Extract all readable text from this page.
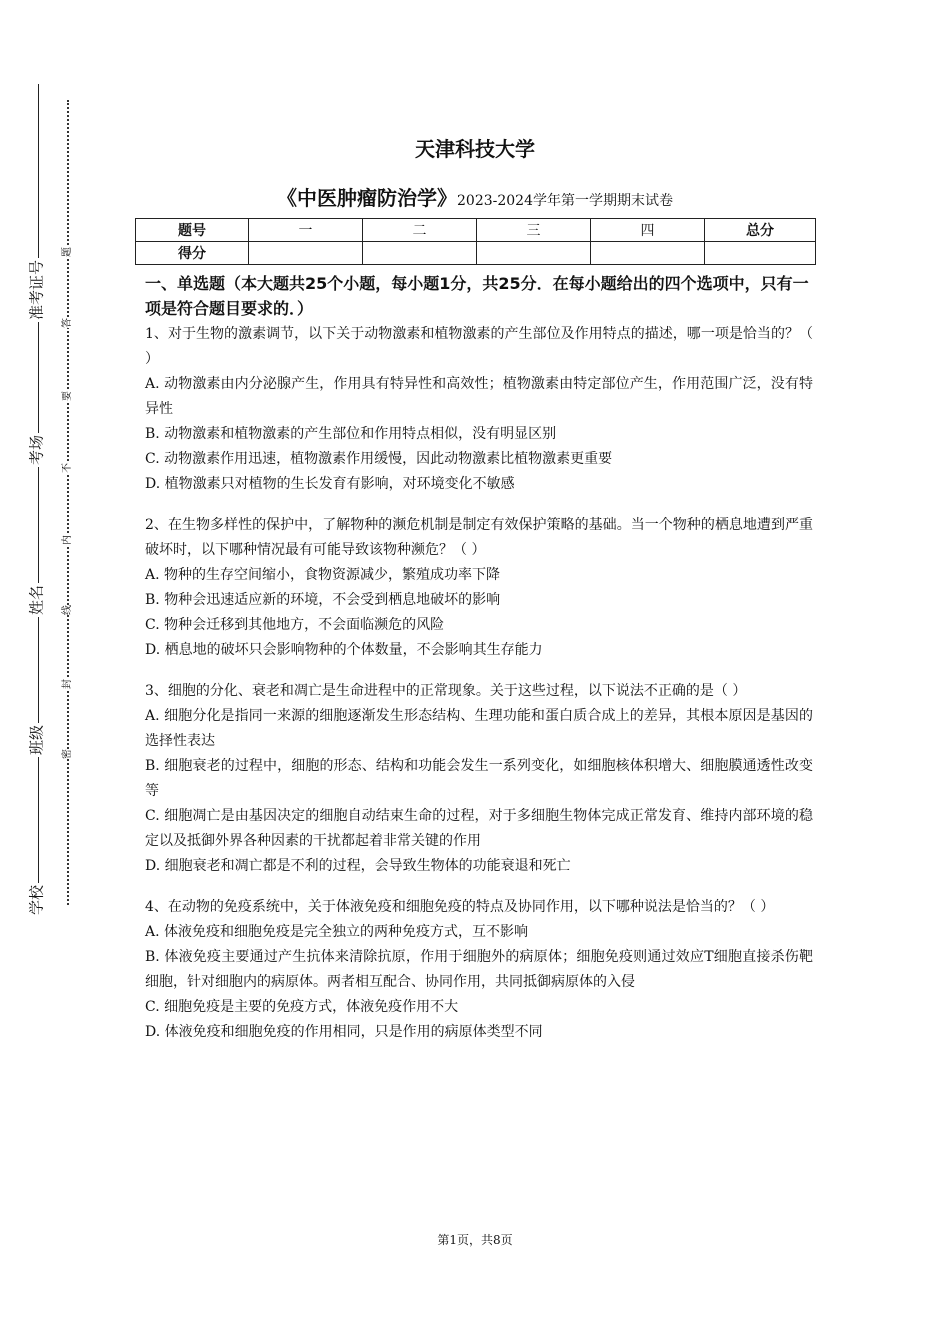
准考证号
考场
姓名
班级
学校
题
答
要
不
内
线
封
密
天津科技大学
《中医肿瘤防治学》2023-2024学年第一学期期末试卷
题号	一	二	三	四	总分
得分					
一、单选题（本大题共25个小题，每小题1分，共25分．在每小题给出的四个选项中，只有一项是符合题目要求的．）

1、对于生物的激素调节，以下关于动物激素和植物激素的产生部位及作用特点的描述，哪一项是恰当的？（ ）

A. 动物激素由内分泌腺产生，作用具有特异性和高效性；植物激素由特定部位产生，作用范围广泛，没有特异性

B. 动物激素和植物激素的产生部位和作用特点相似，没有明显区别

C. 动物激素作用迅速，植物激素作用缓慢，因此动物激素比植物激素更重要

D. 植物激素只对植物的生长发育有影响，对环境变化不敏感

2、在生物多样性的保护中，了解物种的濒危机制是制定有效保护策略的基础。当一个物种的栖息地遭到严重破坏时，以下哪种情况最有可能导致该物种濒危？（ ）

A. 物种的生存空间缩小，食物资源减少，繁殖成功率下降

B. 物种会迅速适应新的环境，不会受到栖息地破坏的影响

C. 物种会迁移到其他地方，不会面临濒危的风险

D. 栖息地的破坏只会影响物种的个体数量，不会影响其生存能力

3、细胞的分化、衰老和凋亡是生命进程中的正常现象。关于这些过程，以下说法不正确的是（ ）

A. 细胞分化是指同一来源的细胞逐渐发生形态结构、生理功能和蛋白质合成上的差异，其根本原因是基因的选择性表达

B. 细胞衰老的过程中，细胞的形态、结构和功能会发生一系列变化，如细胞核体积增大、细胞膜通透性改变等

C. 细胞凋亡是由基因决定的细胞自动结束生命的过程，对于多细胞生物体完成正常发育、维持内部环境的稳定以及抵御外界各种因素的干扰都起着非常关键的作用

D. 细胞衰老和凋亡都是不利的过程，会导致生物体的功能衰退和死亡

4、在动物的免疫系统中，关于体液免疫和细胞免疫的特点及协同作用，以下哪种说法是恰当的？（ ）

A. 体液免疫和细胞免疫是完全独立的两种免疫方式，互不影响

B. 体液免疫主要通过产生抗体来清除抗原，作用于细胞外的病原体；细胞免疫则通过效应T细胞直接杀伤靶细胞，针对细胞内的病原体。两者相互配合、协同作用，共同抵御病原体的入侵

C. 细胞免疫是主要的免疫方式，体液免疫作用不大

D. 体液免疫和细胞免疫的作用相同，只是作用的病原体类型不同

第1页，共8页
